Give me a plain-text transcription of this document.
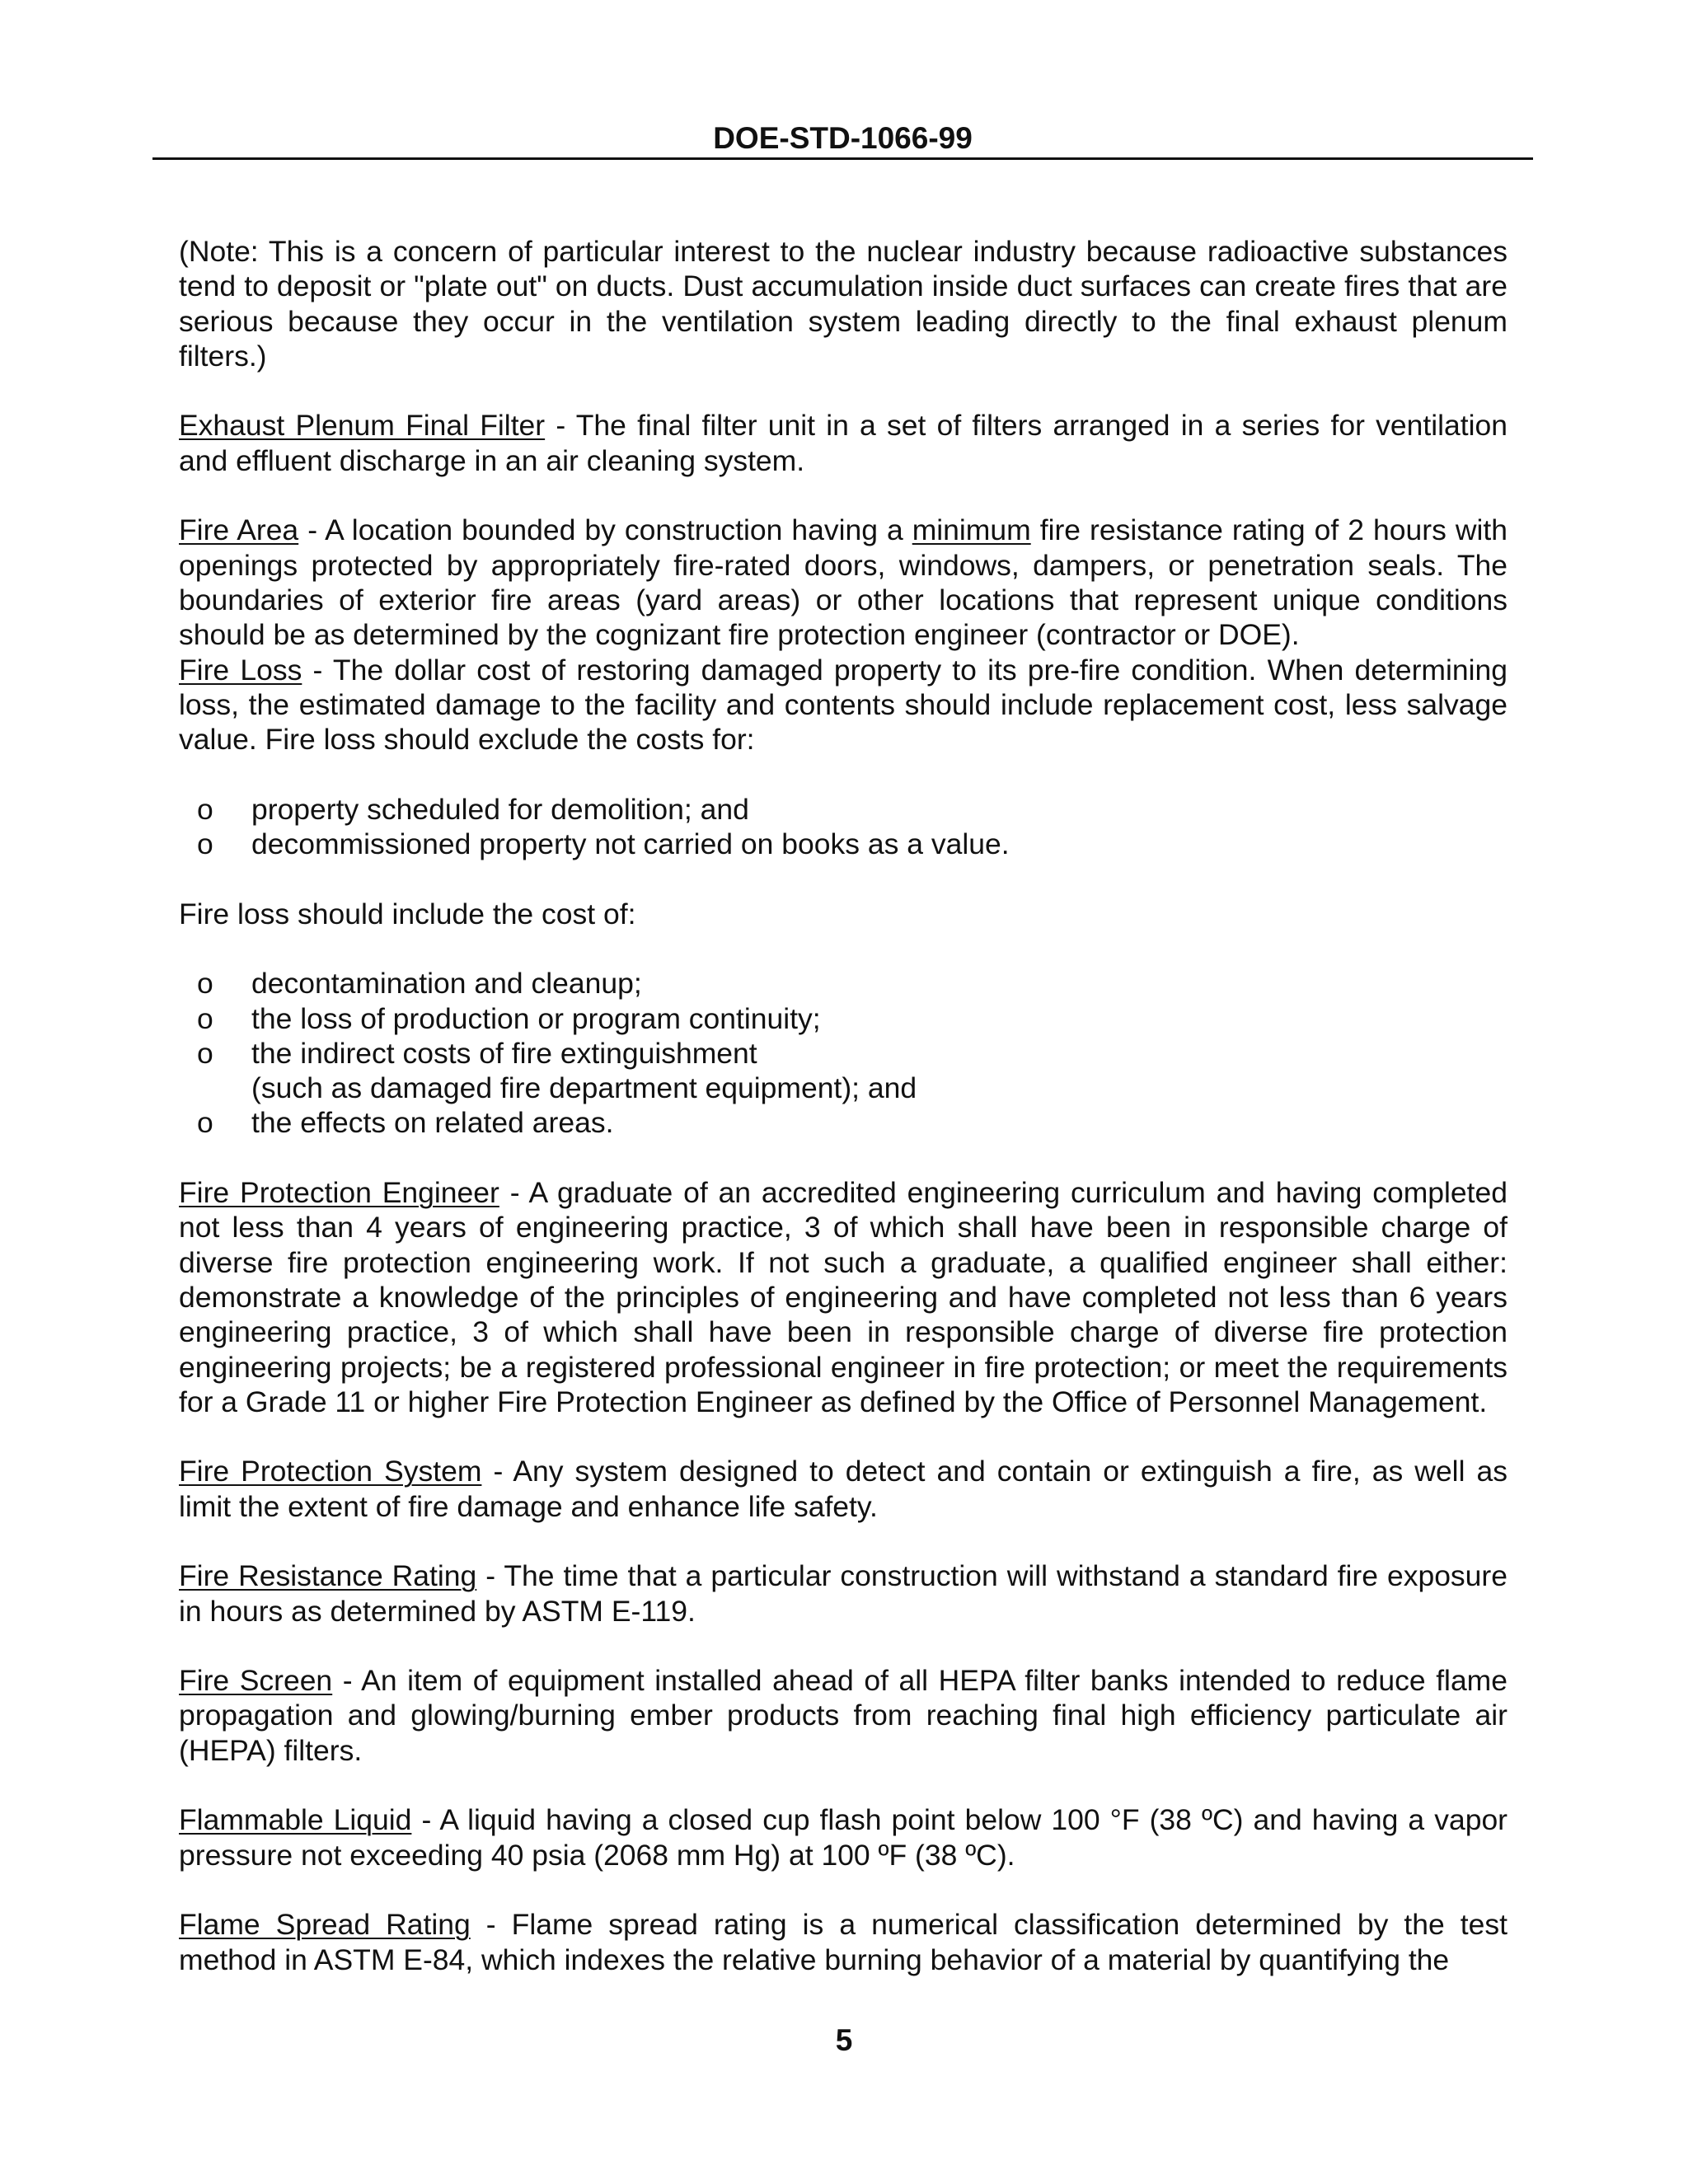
DOE-STD-1066-99

(Note: This is a concern of particular interest to the nuclear industry because radioactive substances tend to deposit or "plate out" on ducts. Dust accumulation inside duct surfaces can create fires that are serious because they occur in the ventilation system leading directly to the final exhaust plenum filters.)

Exhaust Plenum Final Filter - The final filter unit in a set of filters arranged in a series for ventilation and effluent discharge in an air cleaning system.

Fire Area - A location bounded by construction having a minimum fire resistance rating of 2 hours with openings protected by appropriately fire-rated doors, windows, dampers, or penetration seals. The boundaries of exterior fire areas (yard areas) or other locations that represent unique conditions should be as determined by the cognizant fire protection engineer (contractor or DOE).

Fire Loss - The dollar cost of restoring damaged property to its pre-fire condition. When determining loss, the estimated damage to the facility and contents should include replacement cost, less salvage value. Fire loss should exclude the costs for:

o property scheduled for demolition; and
o decommissioned property not carried on books as a value.

Fire loss should include the cost of:

o decontamination and cleanup;
o the loss of production or program continuity;
o the indirect costs of fire extinguishment
(such as damaged fire department equipment); and
o the effects on related areas.

Fire Protection Engineer - A graduate of an accredited engineering curriculum and having completed not less than 4 years of engineering practice, 3 of which shall have been in responsible charge of diverse fire protection engineering work. If not such a graduate, a qualified engineer shall either: demonstrate a knowledge of the principles of engineering and have completed not less than 6 years engineering practice, 3 of which shall have been in responsible charge of diverse fire protection engineering projects; be a registered professional engineer in fire protection; or meet the requirements for a Grade 11 or higher Fire Protection Engineer as defined by the Office of Personnel Management.

Fire Protection System - Any system designed to detect and contain or extinguish a fire, as well as limit the extent of fire damage and enhance life safety.

Fire Resistance Rating - The time that a particular construction will withstand a standard fire exposure in hours as determined by ASTM E-119.

Fire Screen - An item of equipment installed ahead of all HEPA filter banks intended to reduce flame propagation and glowing/burning ember products from reaching final high efficiency particulate air (HEPA) filters.

Flammable Liquid - A liquid having a closed cup flash point below 100 °F (38 ºC) and having a vapor pressure not exceeding 40 psia (2068 mm Hg) at 100 ºF (38 ºC).

Flame Spread Rating - Flame spread rating is a numerical classification determined by the test method in ASTM E-84, which indexes the relative burning behavior of a material by quantifying the

5
